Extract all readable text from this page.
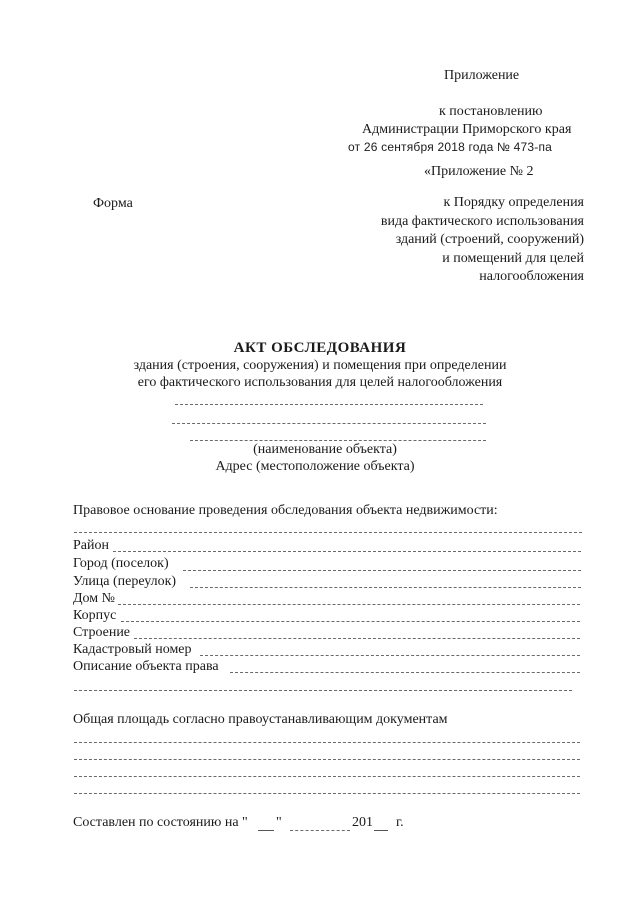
Приложение
к постановлению
Администрации Приморского края
от 26 сентября 2018 года № 473-па
«Приложение № 2
Форма	к Порядку определения
вида фактического использования
зданий (строений, сооружений)
и помещений для целей
налогообложения
АКТ ОБСЛЕДОВАНИЯ
здания (строения, сооружения) и помещения при определении
его фактического использования для целей налогообложения
(наименование объекта)
Адрес (местоположение объекта)
Правовое основание проведения обследования объекта недвижимости:
Район
Город (поселок)
Улица (переулок)
Дом №
Корпус
Строение
Кадастровый номер
Описание объекта права
Общая площадь согласно правоустанавливающим документам
Составлен по состоянию на " "	201 г.
